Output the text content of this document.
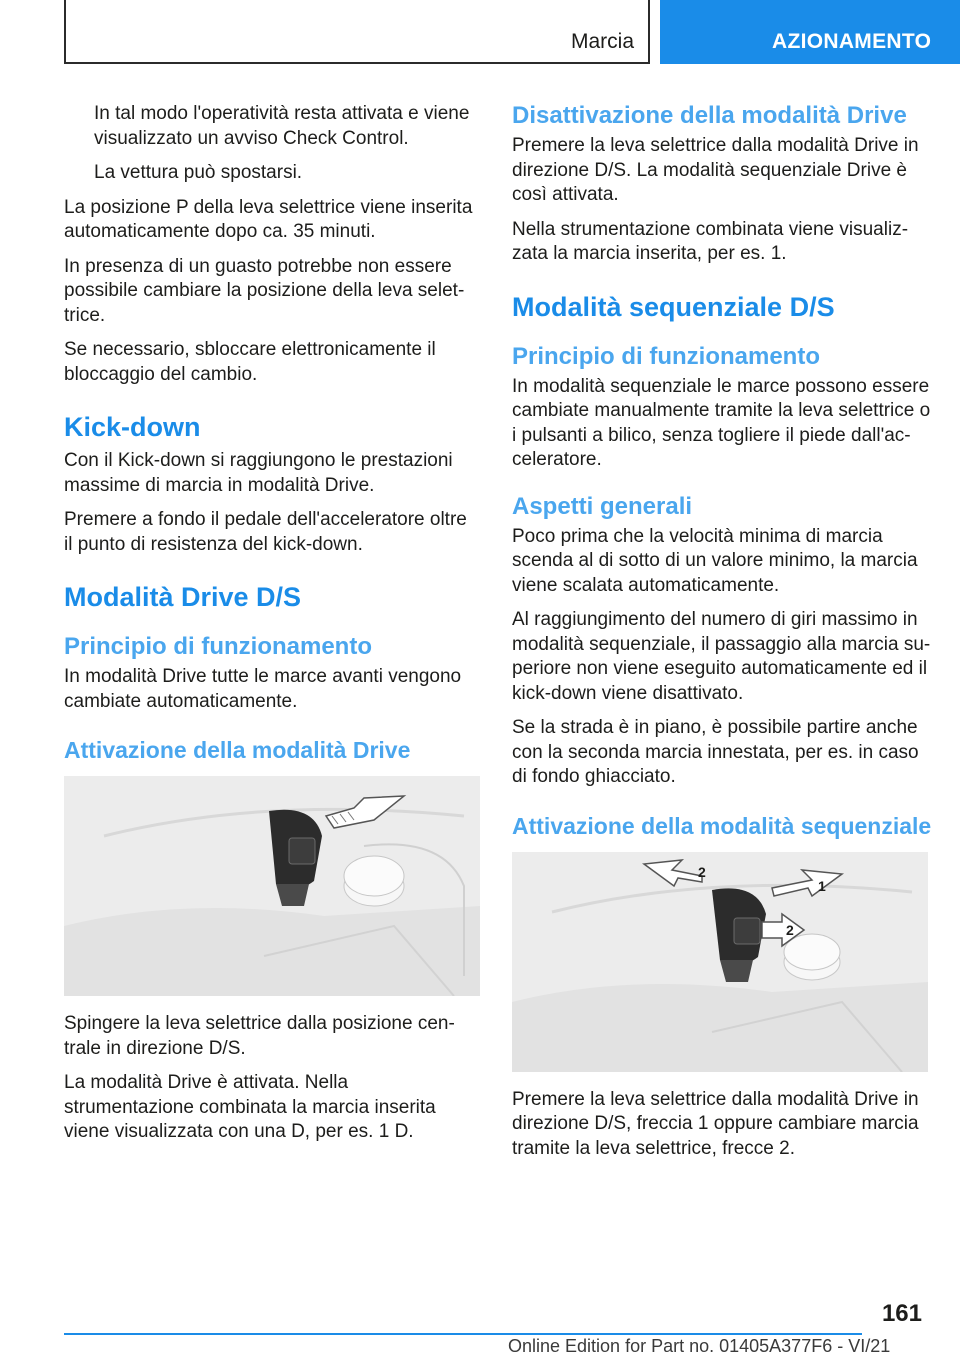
Marcia	AZIONAMENTO

In tal modo l'operatività resta attivata e viene visualizzato un avviso Check Control.

La vettura può spostarsi.

La posizione P della leva selettrice viene inserita automaticamente dopo ca. 35 minuti.

In presenza di un guasto potrebbe non essere possibile cambiare la posizione della leva selet-trice.

Se necessario, sbloccare elettronicamente il bloccaggio del cambio.

Kick-down

Con il Kick-down si raggiungono le prestazioni massime di marcia in modalità Drive.

Premere a fondo il pedale dell'acceleratore oltre il punto di resistenza del kick-down.

Modalità Drive D/S
Principio di funzionamento

In modalità Drive tutte le marce avanti vengono cambiate automaticamente.

Attivazione della modalità Drive

Spingere la leva selettrice dalla posizione cen-trale in direzione D/S.

La modalità Drive è attivata. Nella strumentazione combinata la marcia inserita viene visualizzata con una D, per es. 1 D.

Disattivazione della modalità Drive

Premere la leva selettrice dalla modalità Drive in direzione D/S. La modalità sequenziale Drive è così attivata.

Nella strumentazione combinata viene visualiz-zata la marcia inserita, per es. 1.

Modalità sequenziale D/S
Principio di funzionamento

In modalità sequenziale le marce possono essere cambiate manualmente tramite la leva selettrice o i pulsanti a bilico, senza togliere il piede dall'ac-celeratore.

Aspetti generali

Poco prima che la velocità minima di marcia scenda al di sotto di un valore minimo, la marcia viene scalata automaticamente.

Al raggiungimento del numero di giri massimo in modalità sequenziale, il passaggio alla marcia su-periore non viene eseguito automaticamente ed il kick-down viene disattivato.

Se la strada è in piano, è possibile partire anche con la seconda marcia innestata, per es. in caso di fondo ghiacciato.

Attivazione della modalità sequenziale
1
2
2

Premere la leva selettrice dalla modalità Drive in direzione D/S, freccia 1 oppure cambiare marcia tramite la leva selettrice, frecce 2.

161
Online Edition for Part no. 01405A377F6 - VI/21
